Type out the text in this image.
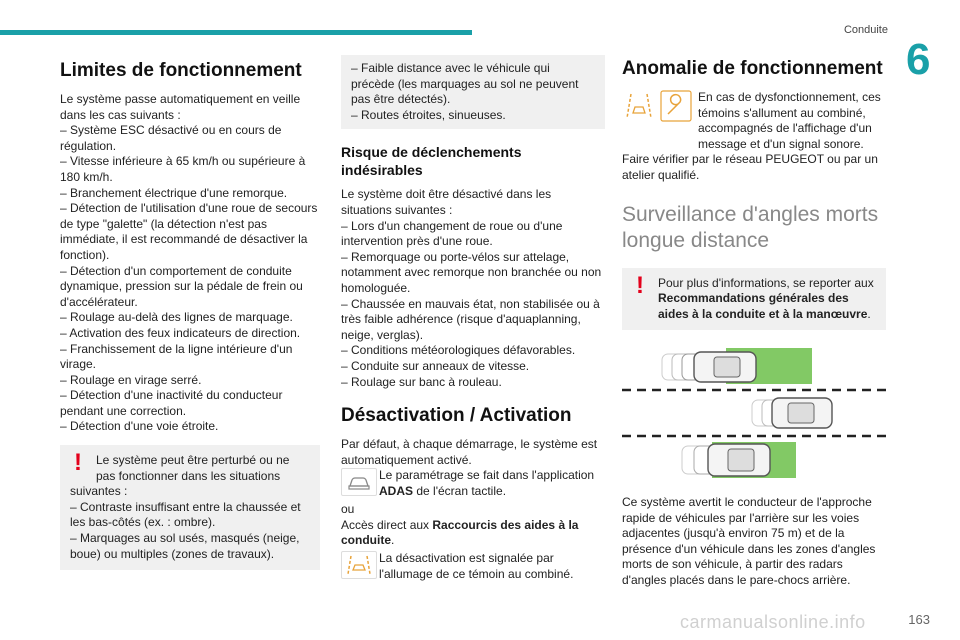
Conduite
6
Limites de fonctionnement

Le système passe automatiquement en veille dans les cas suivants :

– Système ESC désactivé ou en cours de régulation.

– Vitesse inférieure à 65 km/h ou supérieure à 180 km/h.

– Branchement électrique d'une remorque.

– Détection de l'utilisation d'une roue de secours de type "galette" (la détection n'est pas immédiate, il est recommandé de désactiver la fonction).

– Détection d'un comportement de conduite dynamique, pression sur la pédale de frein ou d'accélérateur.

– Roulage au-delà des lignes de marquage.

– Activation des feux indicateurs de direction.

– Franchissement de la ligne intérieure d'un virage.

– Roulage en virage serré.

– Détection d'une inactivité du conducteur pendant une correction.

– Détection d'une voie étroite.

!	Le système peut être perturbé ou ne pas fonctionner dans les situations

suivantes :

– Contraste insuffisant entre la chaussée et les bas-côtés (ex. : ombre).

– Marquages au sol usés, masqués (neige, boue) ou multiples (zones de travaux).

– Faible distance avec le véhicule qui précède (les marquages au sol ne peuvent pas être détectés).

– Routes étroites, sinueuses.

Risque de déclenchements indésirables

Le système doit être désactivé dans les situations suivantes :

– Lors d'un changement de roue ou d'une intervention près d'une roue.

– Remorquage ou porte-vélos sur attelage, notamment avec remorque non branchée ou non homologuée.

– Chaussée en mauvais état, non stabilisée ou à très faible adhérence (risque d'aquaplanning, neige, verglas).

– Conditions météorologiques défavorables.

– Conduite sur anneaux de vitesse.

– Roulage sur banc à rouleau.

Désactivation / Activation

Par défaut, à chaque démarrage, le système est automatiquement activé.

Le paramétrage se fait dans l'application ADAS de l'écran tactile.

ou

Accès direct aux Raccourcis des aides à la conduite.

La désactivation est signalée par l'allumage de ce témoin au combiné.

Anomalie de fonctionnement

En cas de dysfonctionnement, ces témoins s'allument au combiné, accompagnés de l'affichage d'un message et d'un signal sonore.

Faire vérifier par le réseau PEUGEOT ou par un atelier qualifié.

Surveillance d'angles morts longue distance
!	Pour plus d'informations, se reporter aux Recommandations générales des aides à la conduite et à la manœuvre.

Ce système avertit le conducteur de l'approche rapide de véhicules par l'arrière sur les voies adjacentes (jusqu'à environ 75 m) et de la présence d'un véhicule dans les zones d'angles morts de son véhicule, à partir des radars d'angles placés dans le pare-chocs arrière.

carmanualsonline.info	163
